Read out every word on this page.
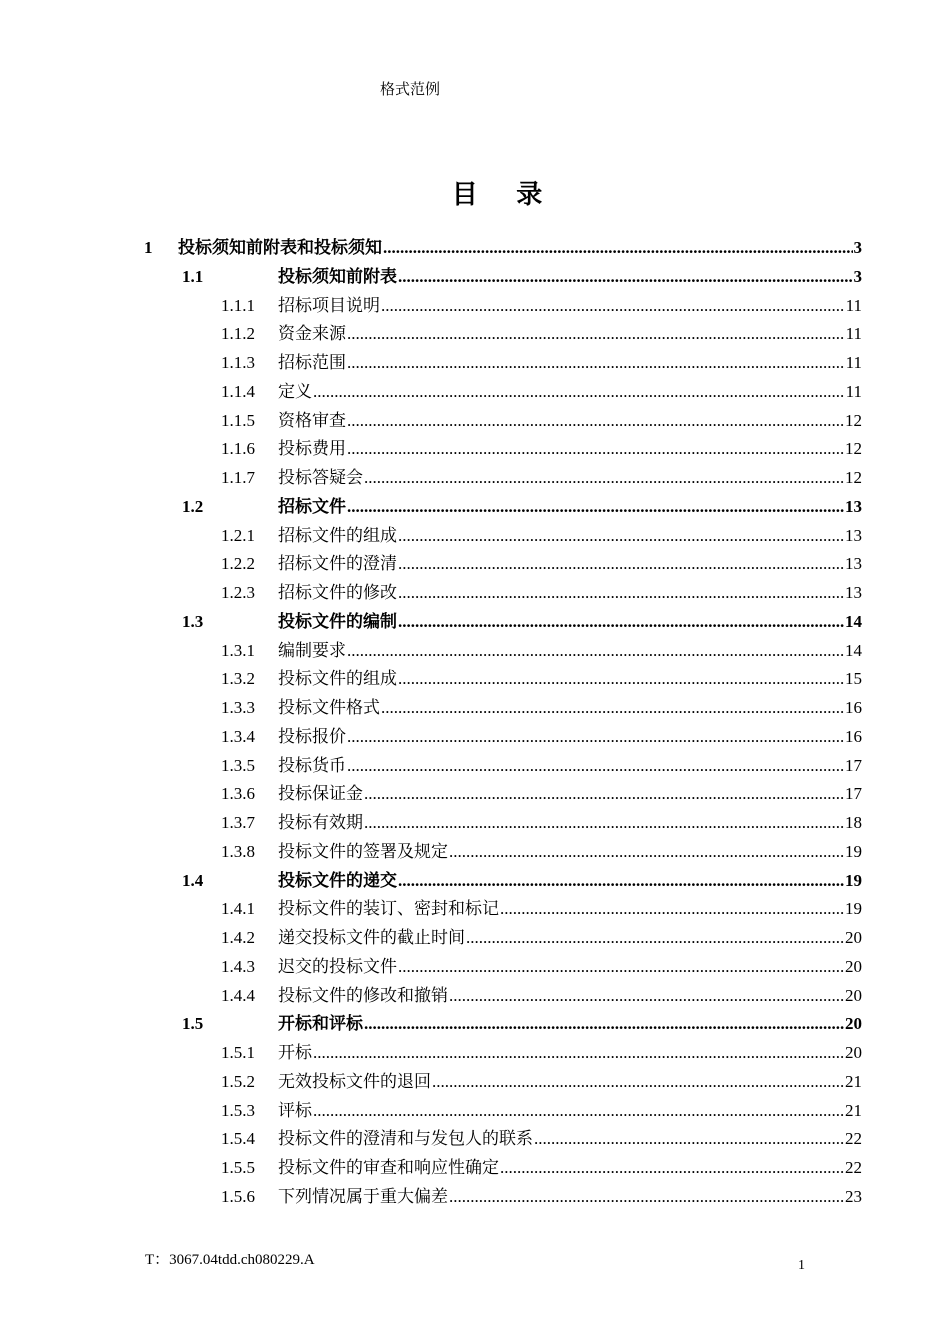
格式范例
目 录
1 投标须知前附表和投标须知 .....	3
1.1	投标须知前附表 .....	3
1.1.1 招标项目说明 .....	11
1.1.2 资金来源 .....	11
1.1.3 招标范围 .....	11
1.1.4 定义 .....	11
1.1.5 资格审查 .....	12
1.1.6 投标费用 .....	12
1.1.7 投标答疑会 .....	12
1.2	招标文件 .....	13
1.2.1 招标文件的组成 .....	13
1.2.2 招标文件的澄清 .....	13
1.2.3 招标文件的修改 .....	13
1.3	投标文件的编制 .....	14
1.3.1 编制要求 .....	14
1.3.2 投标文件的组成 .....	15
1.3.3 投标文件格式 .....	16
1.3.4 投标报价 .....	16
1.3.5 投标货币 .....	17
1.3.6 投标保证金 .....	17
1.3.7 投标有效期 .....	18
1.3.8 投标文件的签署及规定 .....	19
1.4	投标文件的递交 .....	19
1.4.1 投标文件的装订、密封和标记 .....	19
1.4.2 递交投标文件的截止时间 .....	20
1.4.3 迟交的投标文件 .....	20
1.4.4 投标文件的修改和撤销 .....	20
1.5	开标和评标 .....	20
1.5.1 开标 .....	20
1.5.2 无效投标文件的退回 .....	21
1.5.3 评标 .....	21
1.5.4 投标文件的澄清和与发包人的联系 .....	22
1.5.5 投标文件的审查和响应性确定 .....	22
1.5.6 下列情况属于重大偏差 .....	23
T：3067.04tdd.ch080229.A	1
